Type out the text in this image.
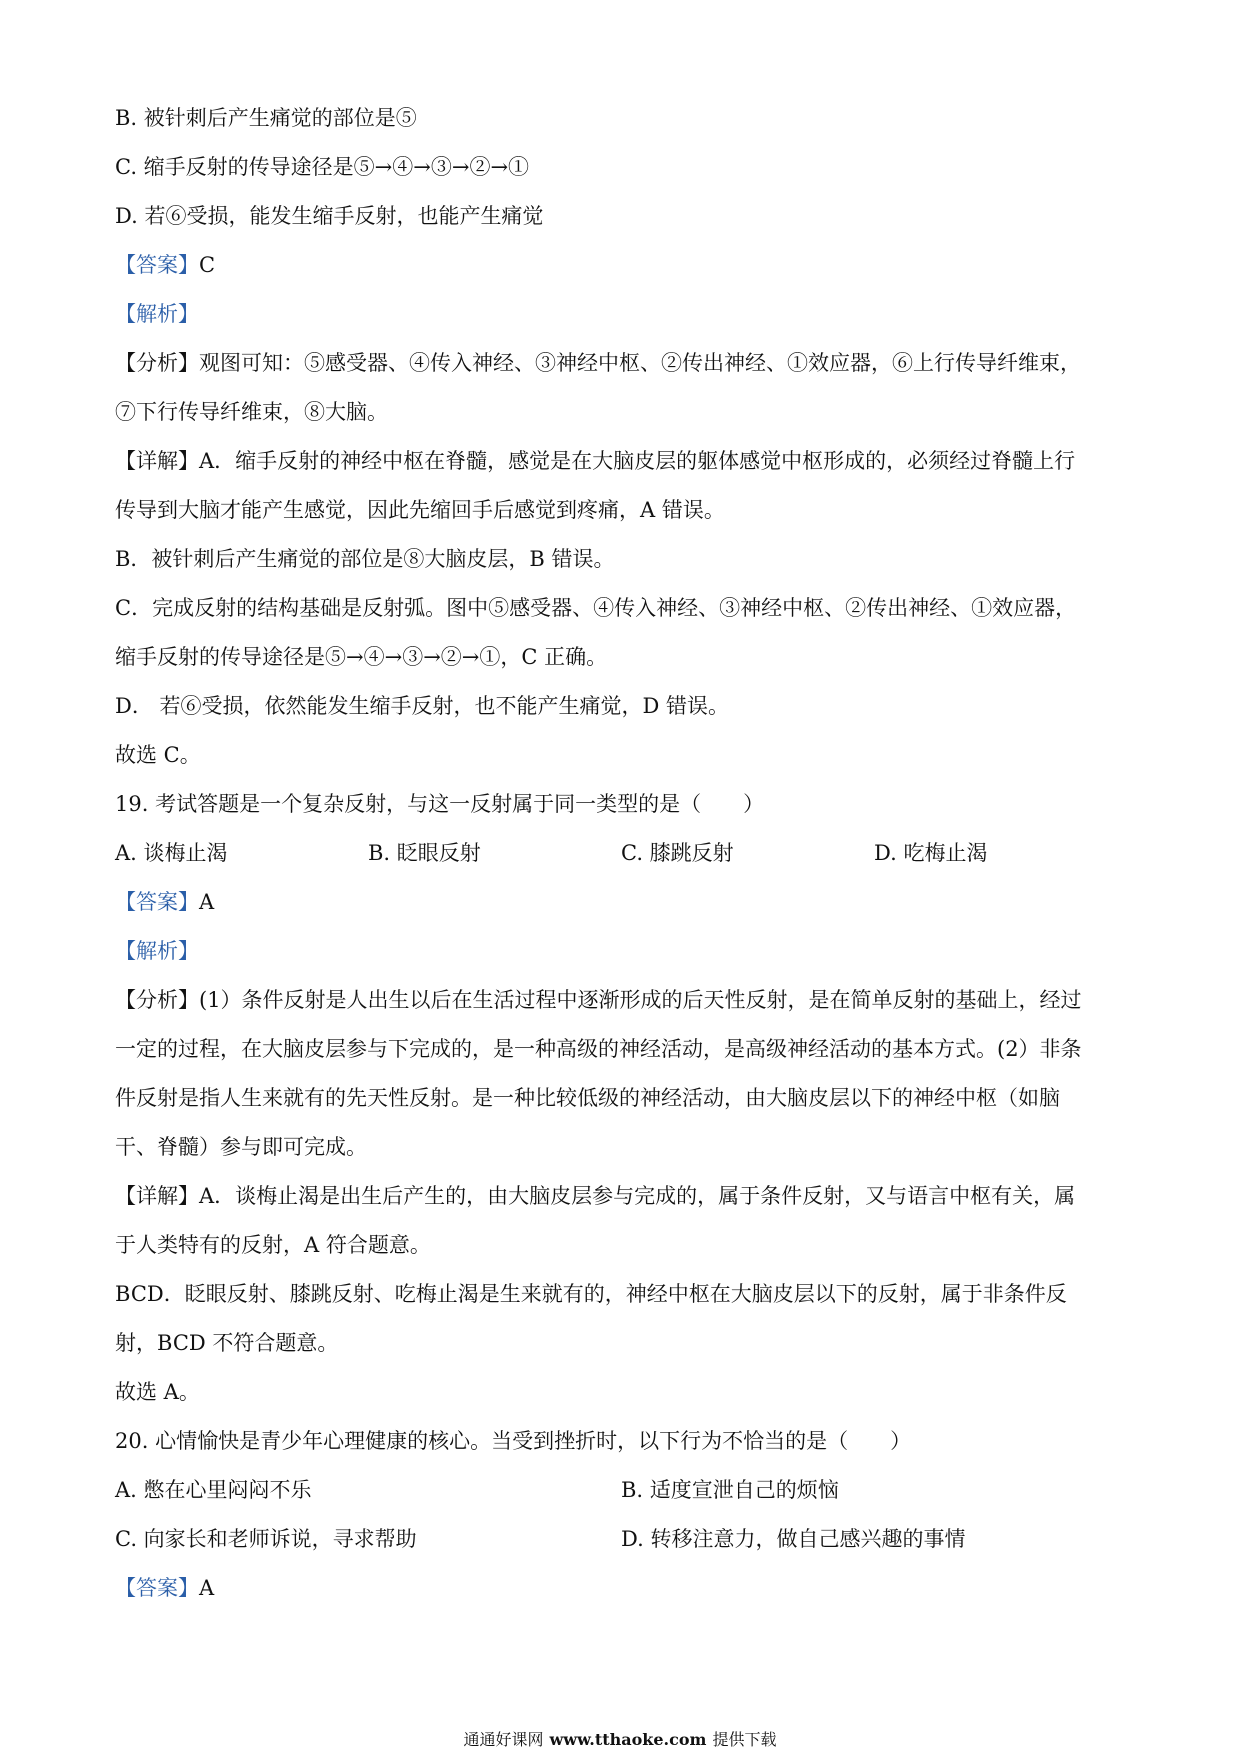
B. 被针刺后产生痛觉的部位是⑤

C. 缩手反射的传导途径是⑤→④→③→②→①

D. 若⑥受损，能发生缩手反射，也能产生痛觉

【答案】C

【解析】

【分析】观图可知：⑤感受器、④传入神经、③神经中枢、②传出神经、①效应器，⑥上行传导纤维束，

⑦下行传导纤维束，⑧大脑。

【详解】A．缩手反射的神经中枢在脊髓，感觉是在大脑皮层的躯体感觉中枢形成的，必须经过脊髓上行

传导到大脑才能产生感觉，因此先缩回手后感觉到疼痛，A 错误。

B．被针刺后产生痛觉的部位是⑧大脑皮层，B 错误。

C．完成反射的结构基础是反射弧。图中⑤感受器、④传入神经、③神经中枢、②传出神经、①效应器，

缩手反射的传导途径是⑤→④→③→②→①，C 正确。

D． 若⑥受损，依然能发生缩手反射，也不能产生痛觉，D 错误。

故选 C。

19. 考试答题是一个复杂反射，与这一反射属于同一类型的是（　　）

A. 谈梅止渴	B. 眨眼反射	C. 膝跳反射	D. 吃梅止渴

【答案】A

【解析】

【分析】(1）条件反射是人出生以后在生活过程中逐渐形成的后天性反射，是在简单反射的基础上，经过

一定的过程，在大脑皮层参与下完成的，是一种高级的神经活动，是高级神经活动的基本方式。(2）非条

件反射是指人生来就有的先天性反射。是一种比较低级的神经活动，由大脑皮层以下的神经中枢（如脑

干、脊髓）参与即可完成。

【详解】A．谈梅止渴是出生后产生的，由大脑皮层参与完成的，属于条件反射，又与语言中枢有关，属

于人类特有的反射，A 符合题意。

BCD．眨眼反射、膝跳反射、吃梅止渴是生来就有的，神经中枢在大脑皮层以下的反射，属于非条件反

射，BCD 不符合题意。

故选 A。

20. 心情愉快是青少年心理健康的核心。当受到挫折时，以下行为不恰当的是（　　）

A. 憋在心里闷闷不乐	B. 适度宣泄自己的烦恼
C. 向家长和老师诉说，寻求帮助	D. 转移注意力，做自己感兴趣的事情

【答案】A

通通好课网 www.tthaoke.com 提供下载
